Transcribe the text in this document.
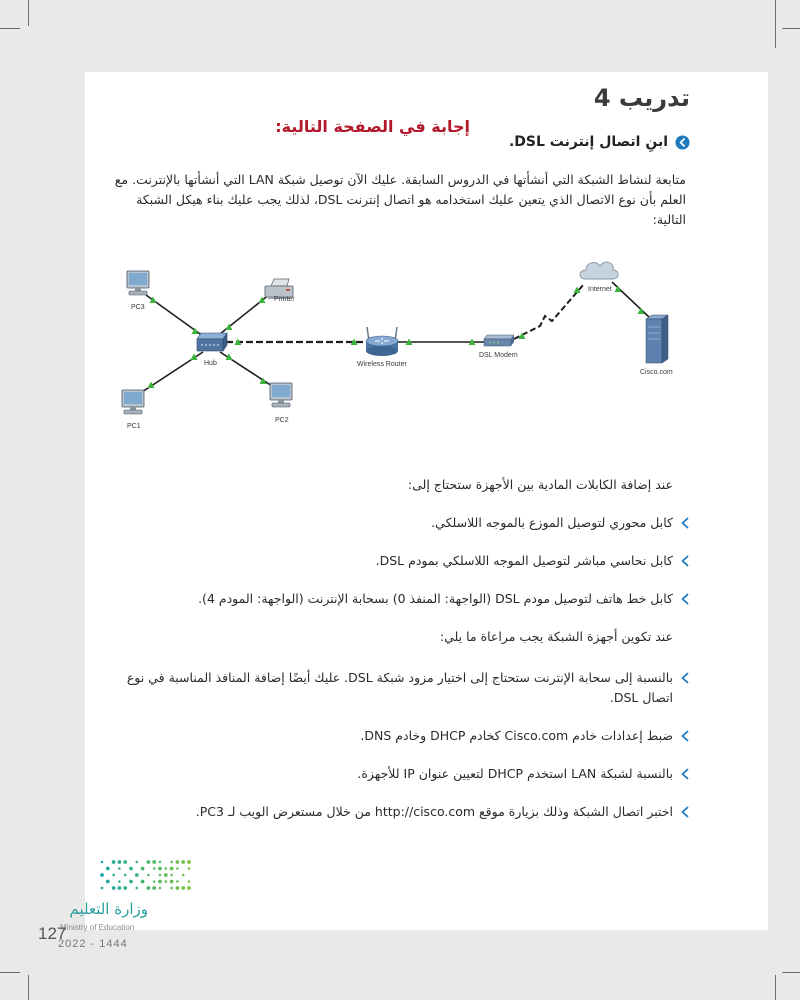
تدريب 4
إجابة في الصفحة التالية:
ابنِ اتصال إنترنت DSL.
متابعة لنشاط الشبكة التي أنشأتها في الدروس السابقة. عليك الآن توصيل شبكة LAN التي أنشأتها بالإنترنت. مع العلم بأن نوع الاتصال الذي يتعين عليك استخدامه هو اتصال إنترنت DSL، لذلك يجب عليك بناء هيكل الشبكة التالية:
PC3
Printer
Hub	Wireless Router
DSL Modem
Internet
Cisco.com
PC1
PC2
عند إضافة الكابلات المادية بين الأجهزة ستحتاج إلى:
كابل محوري لتوصيل الموزع بالموجه اللاسلكي.
كابل نحاسي مباشر لتوصيل الموجه اللاسلكي بمودم DSL.
كابل خط هاتف لتوصيل مودم DSL (الواجهة: المنفذ 0) بسحابة الإنترنت (الواجهة: المودم 4).
عند تكوين أجهزة الشبكة يجب مراعاة ما يلي:
بالنسبة إلى سحابة الإنترنت ستحتاج إلى اختيار مزود شبكة DSL. عليك أيضًا إضافة المنافذ المناسبة في نوع اتصال DSL.
ضبط إعدادات خادم Cisco.com كخادم DHCP وخادم DNS.
بالنسبة لشبكة LAN استخدم DHCP لتعيين عنوان IP للأجهزة.
اختبر اتصال الشبكة وذلك بزيارة موقع http://cisco.com من خلال مستعرض الويب لـ PC3.
وزارة التعليم
Ministry of Education
127
2022 - 1444
